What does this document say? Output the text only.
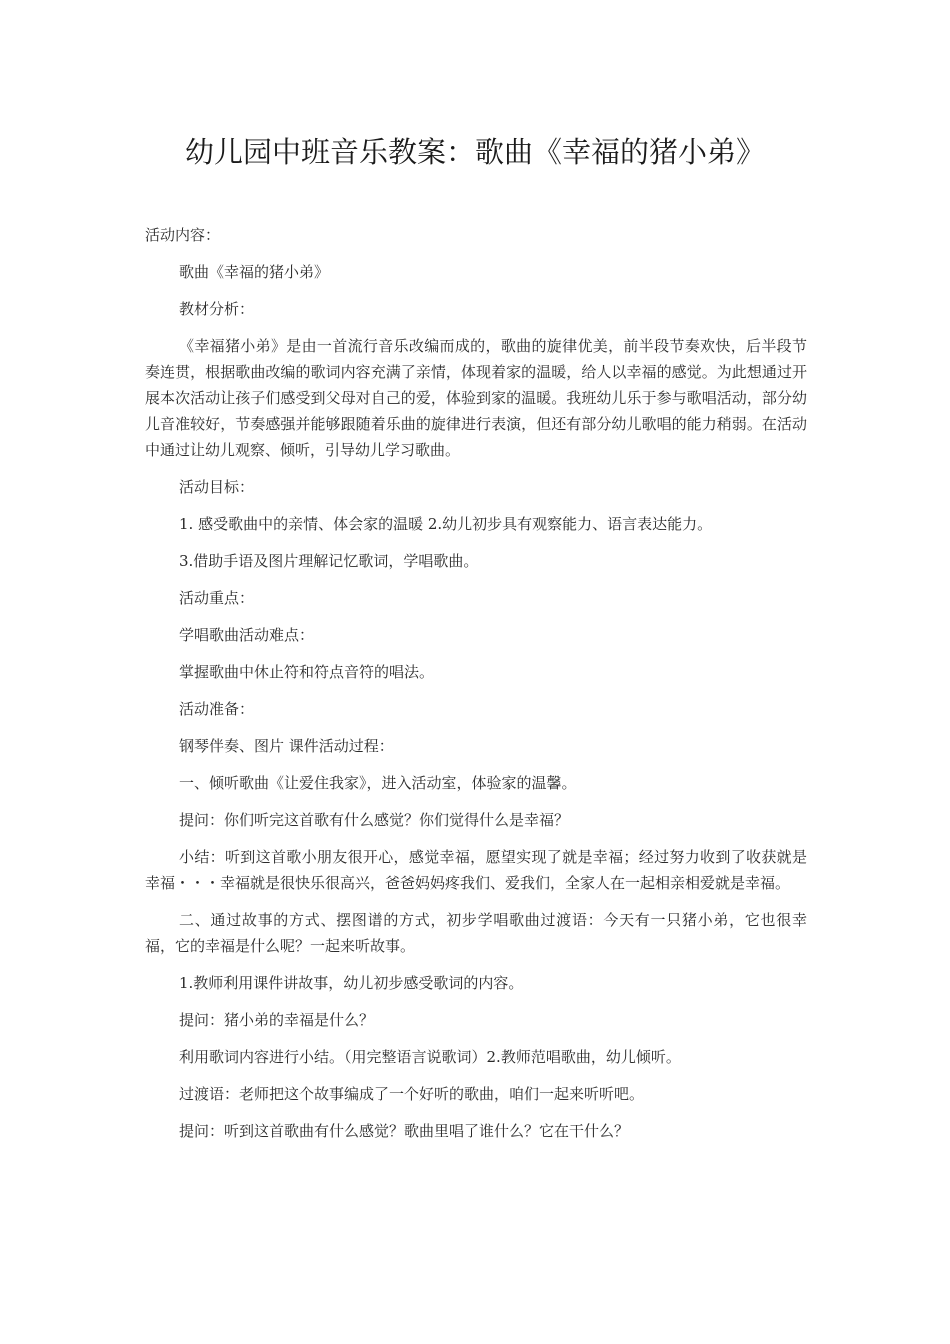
幼儿园中班音乐教案：歌曲《幸福的猪小弟》

活动内容：

歌曲《幸福的猪小弟》

教材分析：

《幸福猪小弟》是由一首流行音乐改编而成的，歌曲的旋律优美，前半段节奏欢快，后半段节奏连贯，根据歌曲改编的歌词内容充满了亲情，体现着家的温暖，给人以幸福的感觉。为此想通过开展本次活动让孩子们感受到父母对自己的爱，体验到家的温暖。我班幼儿乐于参与歌唱活动，部分幼儿音准较好，节奏感强并能够跟随着乐曲的旋律进行表演，但还有部分幼儿歌唱的能力稍弱。在活动中通过让幼儿观察、倾听，引导幼儿学习歌曲。

活动目标：

1. 感受歌曲中的亲情、体会家的温暖 2.幼儿初步具有观察能力、语言表达能力。

3.借助手语及图片理解记忆歌词，学唱歌曲。

活动重点：

学唱歌曲活动难点：

掌握歌曲中休止符和符点音符的唱法。

活动准备：

钢琴伴奏、图片 课件活动过程：

一、倾听歌曲《让爱住我家》，进入活动室，体验家的温馨。

提问：你们听完这首歌有什么感觉？你们觉得什么是幸福？

小结：听到这首歌小朋友很开心，感觉幸福，愿望实现了就是幸福；经过努力收到了收获就是幸福・・・幸福就是很快乐很高兴，爸爸妈妈疼我们、爱我们，全家人在一起相亲相爱就是幸福。

二、通过故事的方式、摆图谱的方式，初步学唱歌曲过渡语：今天有一只猪小弟，它也很幸福，它的幸福是什么呢？一起来听故事。

1.教师利用课件讲故事，幼儿初步感受歌词的内容。

提问：猪小弟的幸福是什么？

利用歌词内容进行小结。（用完整语言说歌词）2.教师范唱歌曲，幼儿倾听。

过渡语：老师把这个故事编成了一个好听的歌曲，咱们一起来听听吧。

提问：听到这首歌曲有什么感觉？歌曲里唱了谁什么？它在干什么？
